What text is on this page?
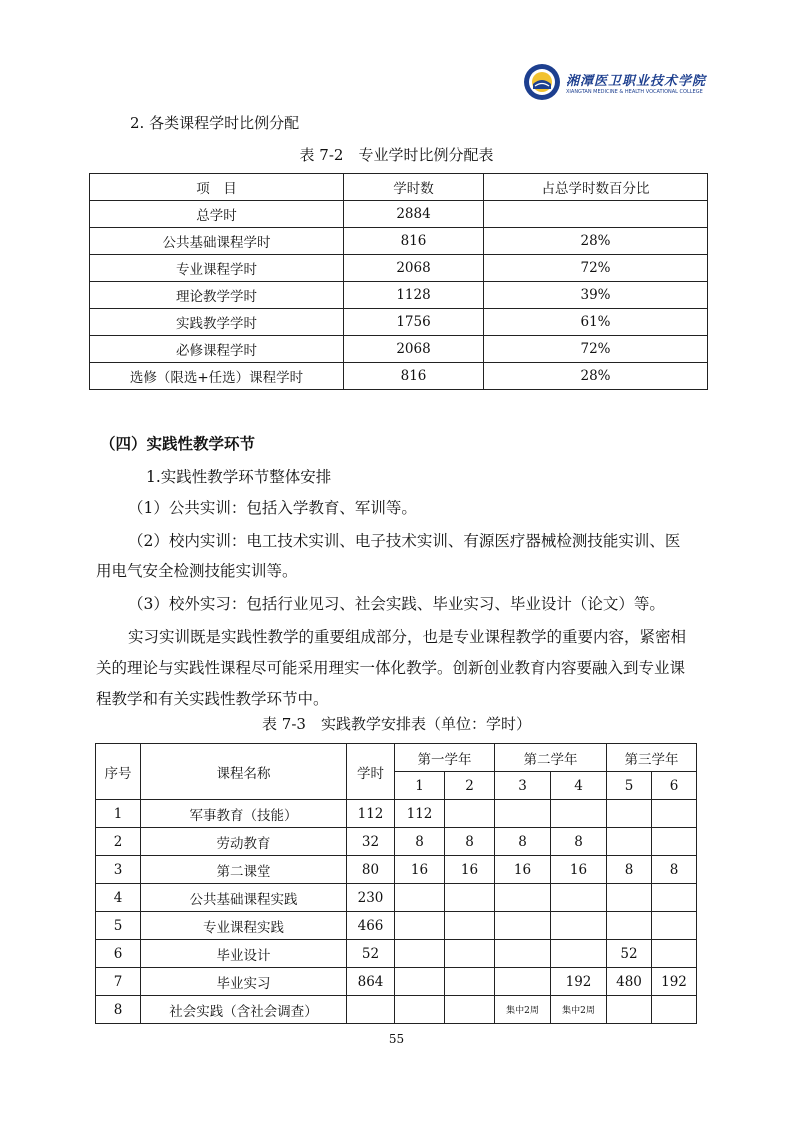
湘潭医卫职业技术学院
XIANGTAN MEDICINE & HEALTH VOCATIONAL COLLEGE
2. 各类课程学时比例分配
表 7-2　专业学时比例分配表
项　目	学时数	占总学时数百分比
总学时	2884	
公共基础课程学时	816	28%
专业课程学时	2068	72%
理论教学学时	1128	39%
实践教学学时	1756	61%
必修课程学时	2068	72%
选修（限选+任选）课程学时	816	28%
（四）实践性教学环节
1.实践性教学环节整体安排
（1）公共实训：包括入学教育、军训等。
（2）校内实训：电工技术实训、电子技术实训、有源医疗器械检测技能实训、医
用电气安全检测技能实训等。
（3）校外实习：包括行业见习、社会实践、毕业实习、毕业设计（论文）等。
实习实训既是实践性教学的重要组成部分，也是专业课程教学的重要内容，紧密相
关的理论与实践性课程尽可能采用理实一体化教学。创新创业教育内容要融入到专业课
程教学和有关实践性教学环节中。
表 7-3　实践教学安排表（单位：学时）
序号	课程名称	学时	第一学年		第二学年		第三学年	
			1	2	3	4	5	6
1	军事教育（技能）	112	112					
2	劳动教育	32	8	8	8	8		
3	第二课堂	80	16	16	16	16	8	8
4	公共基础课程实践	230						
5	专业课程实践	466						
6	毕业设计	52					52	
7	毕业实习	864				192	480	192
8	社会实践（含社会调查）				集中2周	集中2周		
55
